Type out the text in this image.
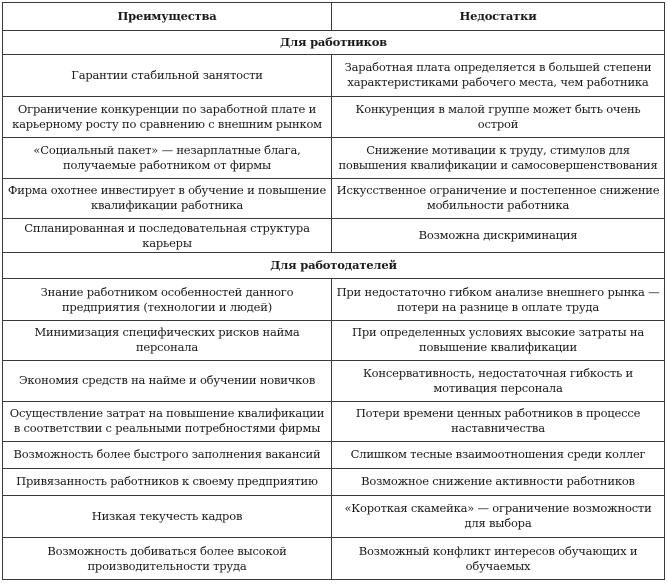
Преимущества	Недостатки
Для работников	
Гарантии стабильной занятости	Заработная плата определяется в большей степени характеристиками рабочего места, чем работника
Ограничение конкуренции по заработной плате и карьерному росту по сравнению с внешним рынком	Конкуренция в малой группе может быть очень острой
«Социальный пакет» — незарплатные блага, получаемые работником от фирмы	Снижение мотивации к труду, стимулов для повышения квалификации и самосовершенствования
Фирма охотнее инвестирует в обучение и повышение квалификации работника	Искусственное ограничение и постепенное снижение мобильности работника
Спланированная и последовательная структура карьеры	Возможна дискриминация
Для работодателей	
Знание работником особенностей данного предприятия (технологии и людей)	При недостаточно гибком анализе внешнего рынка — потери на разнице в оплате труда
Минимизация специфических рисков найма персонала	При определенных условиях высокие затраты на повышение квалификации
Экономия средств на найме и обучении новичков	Консервативность, недостаточная гибкость и мотивация персонала
Осуществление затрат на повышение квалификации в соответствии с реальными потребностями фирмы	Потери времени ценных работников в процессе наставничества
Возможность более быстрого заполнения вакансий	Слишком тесные взаимоотношения среди коллег
Привязанность работников к своему предприятию	Возможное снижение активности работников
Низкая текучесть кадров	«Короткая скамейка» — ограничение возможности для выбора
Возможность добиваться более высокой производительности труда	Возможный конфликт интересов обучающих и обучаемых
